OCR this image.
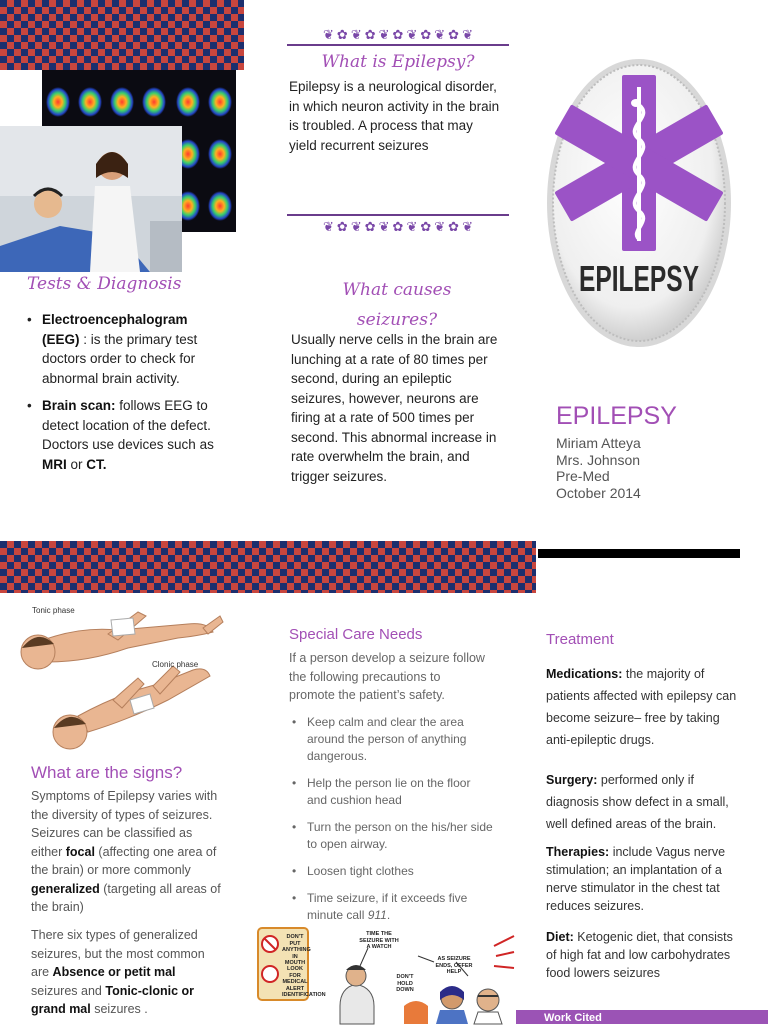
Tests & Diagnosis
• Electroencephalogram (EEG) : is the primary test doctors order to check for abnormal brain activity.
• Brain scan: follows EEG to detect location of the defect. Doctors use devices such as MRI or CT.
❦ ✿ ❦ ✿ ❦ ✿ ❦ ✿ ❦ ✿ ❦
What is Epilepsy?
Epilepsy is a neurological disorder, in which neuron activity in the brain is troubled. A process that may yield recurrent seizures
❦ ✿ ❦ ✿ ❦ ✿ ❦ ✿ ❦ ✿ ❦
What causes
seizures?
Usually nerve cells in the brain are lunching at a rate of 80 times per second, during an epileptic seizures, however, neurons are firing at a rate of 500 times per second. This abnormal increase in rate overwhelm the brain, and trigger seizures.
EPILEPSY
EPILEPSY
Miriam Atteya
Mrs. Johnson
Pre-Med
October 2014
Tonic phase
Clonic phase
What are the signs?
Symptoms of Epilepsy varies with the diversity of types of seizures. Seizures can be classified as either focal (affecting one area of the brain) or more commonly generalized (targeting all areas of the brain)
There six types of generalized seizures, but the most common are Absence or petit mal seizures and Tonic-clonic or grand mal seizures .
Special Care Needs
If a person develop a seizure follow the following precautions to promote the patient’s safety.
• Keep calm and clear the area around the person of anything dangerous.
• Help the person lie on the floor and cushion head
• Turn the person on the his/her side to open airway.
• Loosen tight clothes
• Time seizure, if it exceeds five minute call 911.
DON'T PUT ANYTHING IN MOUTH
LOOK FOR MEDICAL ALERT IDENTIFICATION
TIME THE SEIZURE WITH A WATCH
DON'T HOLD DOWN
AS SEIZURE ENDS, OFFER HELP
Treatment
Medications: the majority of patients affected with epilepsy can become seizure– free by taking anti-epileptic drugs.
Surgery: performed only if diagnosis show defect in a small, well defined areas of the brain.
Therapies: include Vagus nerve stimulation; an implantation of a nerve stimulator in the chest tat reduces seizures.
Diet: Ketogenic diet, that consists of high fat and low carbohydrates food lowers seizures
Work Cited
